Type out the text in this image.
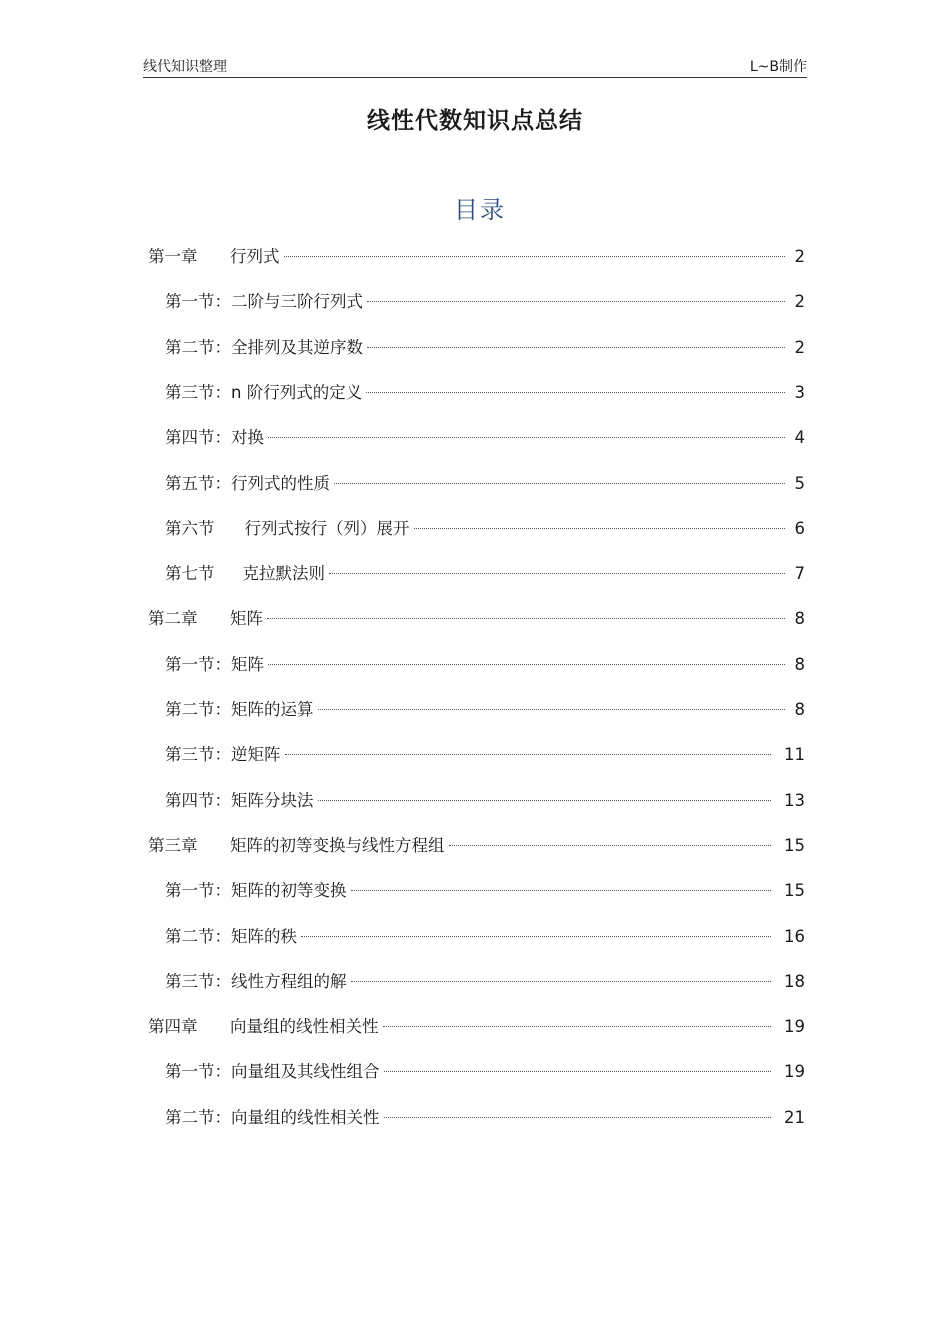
线代知识整理	L~B制作
线性代数知识点总结
目录
第一章	行列式	2
第一节： 二阶与三阶行列式	2
第二节： 全排列及其逆序数	2
第三节： n 阶行列式的定义	3
第四节： 对换	4
第五节： 行列式的性质	5
第六节 行列式按行（列）展开	6
第七节 克拉默法则	7
第二章	矩阵	8
第一节： 矩阵	8
第二节： 矩阵的运算	8
第三节： 逆矩阵	11
第四节： 矩阵分块法	13
第三章	矩阵的初等变换与线性方程组	15
第一节： 矩阵的初等变换	15
第二节： 矩阵的秩	16
第三节： 线性方程组的解	18
第四章	向量组的线性相关性	19
第一节： 向量组及其线性组合	19
第二节： 向量组的线性相关性	21
